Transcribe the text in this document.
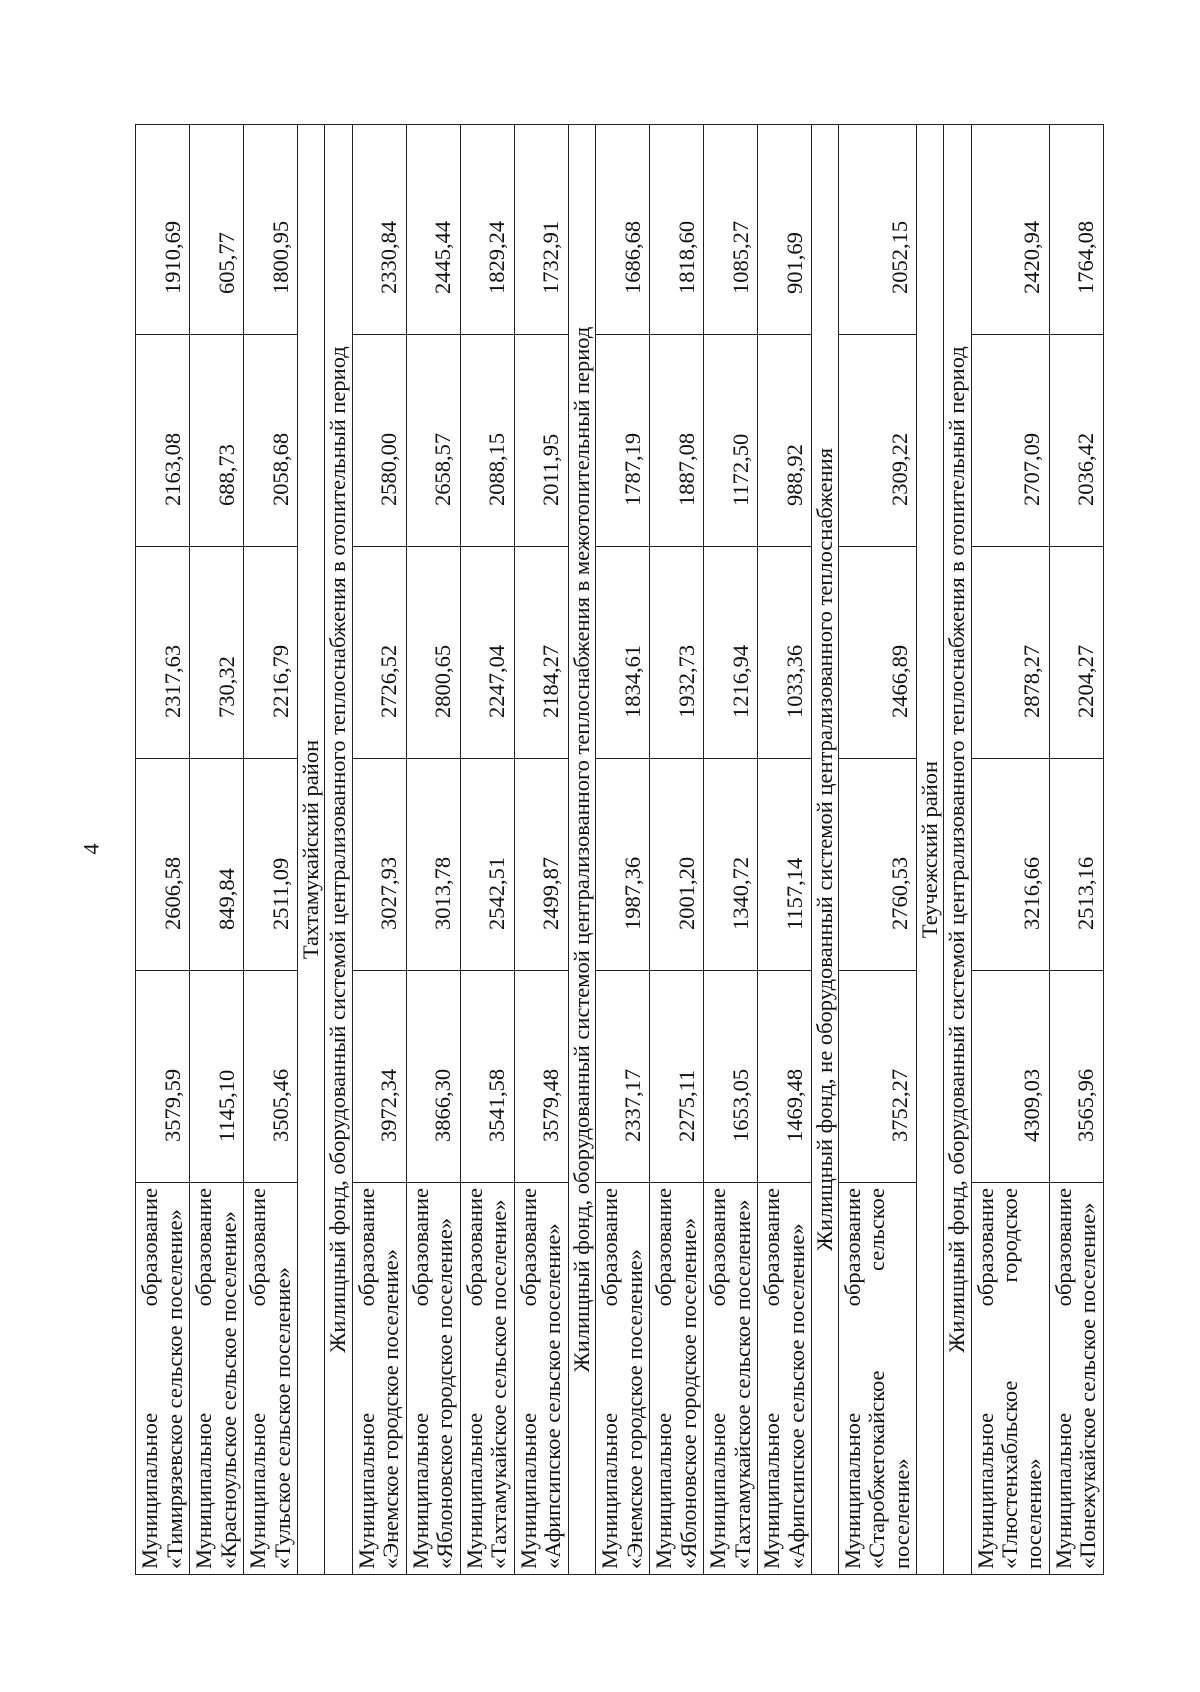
4
Муниципальное образование «Тимирязевское сельское поселение»	3579,59	2606,58	2317,63	2163,08	1910,69
Муниципальное образование «Красноульское сельское поселение»	1145,10	849,84	730,32	688,73	605,77
Муниципальное образование «Тульское сельское поселение»	3505,46	2511,09	2216,79	2058,68	1800,95
Тахтамукайский район					
Жилищный фонд, оборудованный системой централизованного теплоснабжения в отопительный период					
Муниципальное образование «Энемское городское поселение»	3972,34	3027,93	2726,52	2580,00	2330,84
Муниципальное образование «Яблоновское городское поселение»	3866,30	3013,78	2800,65	2658,57	2445,44
Муниципальное образование «Тахтамукайское сельское поселение»	3541,58	2542,51	2247,04	2088,15	1829,24
Муниципальное образование «Афипсипское сельское поселение»	3579,48	2499,87	2184,27	2011,95	1732,91
Жилищный фонд, оборудованный системой централизованного теплоснабжения в межотопительный период					
Муниципальное образование «Энемское городское поселение»	2337,17	1987,36	1834,61	1787,19	1686,68
Муниципальное образование «Яблоновское городское поселение»	2275,11	2001,20	1932,73	1887,08	1818,60
Муниципальное образование «Тахтамукайское сельское поселение»	1653,05	1340,72	1216,94	1172,50	1085,27
Муниципальное образование «Афипсипское сельское поселение»	1469,48	1157,14	1033,36	988,92	901,69
Жилищный фонд, не оборудованный системой централизованного теплоснабжения					
Муниципальное образование «Старобжегокайское сельское поселение»	3752,27	2760,53	2466,89	2309,22	2052,15
Теучежский район					
Жилищный фонд, оборудованный системой централизованного теплоснабжения в отопительный период					
Муниципальное образование «Тлюстенхабльское городское поселение»	4309,03	3216,66	2878,27	2707,09	2420,94
Муниципальное образование «Понежукайское сельское поселение»	3565,96	2513,16	2204,27	2036,42	1764,08
